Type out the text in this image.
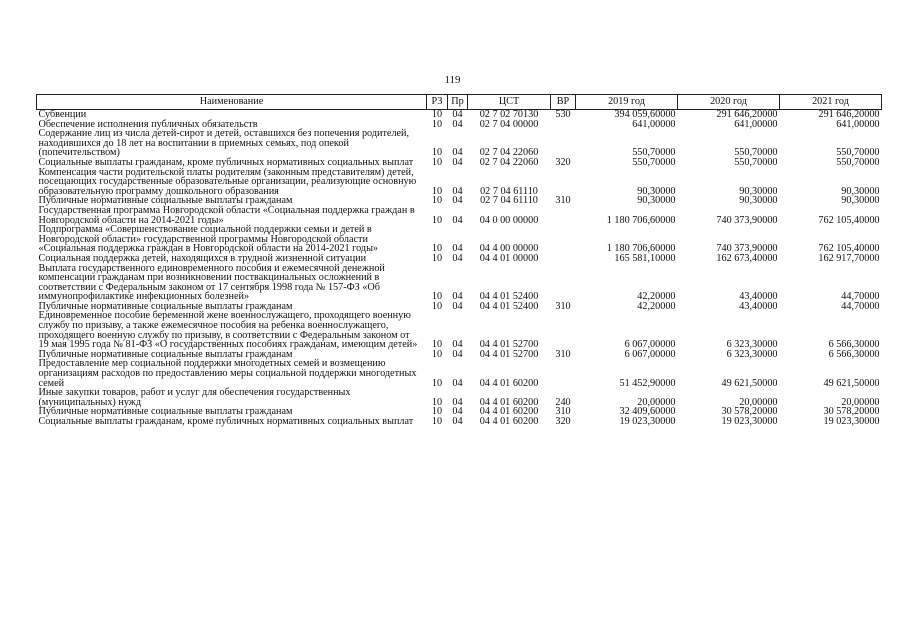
119
Наименование	РЗ	Пр	ЦСТ	ВР	2019 год	2020 год	2021 год
Субвенции	10	04	02 7 02 70130	530	394 059,60000	291 646,20000	291 646,20000
Обеспечение исполнения публичных обязательств	10	04	02 7 04 00000		641,00000	641,00000	641,00000
Содержание лиц из числа детей-сирот и детей, оставшихся без попечения родителей, находившихся до 18 лет на воспитании в приемных семьях, под опекой (попечительством)	10	04	02 7 04 22060		550,70000	550,70000	550,70000
Социальные выплаты гражданам, кроме публичных нормативных социальных выплат	10	04	02 7 04 22060	320	550,70000	550,70000	550,70000
Компенсация части родительской платы родителям (законным представителям) детей, посещающих государственные образовательные организации, реализующие основную образовательную программу дошкольного образования	10	04	02 7 04 61110		90,30000	90,30000	90,30000
Публичные нормативные социальные выплаты гражданам	10	04	02 7 04 61110	310	90,30000	90,30000	90,30000
Государственная программа Новгородской области «Социальная поддержка граждан в Новгородской области на 2014-2021 годы»	10	04	04 0 00 00000		1 180 706,60000	740 373,90000	762 105,40000
Подпрограмма «Совершенствование социальной поддержки семьи и детей в Новгородской области» государственной программы Новгородской области «Социальная поддержка граждан в Новгородской области на 2014-2021 годы»	10	04	04 4 00 00000		1 180 706,60000	740 373,90000	762 105,40000
Социальная поддержка детей, находящихся в трудной жизненной ситуации	10	04	04 4 01 00000		165 581,10000	162 673,40000	162 917,70000
Выплата государственного единовременного пособия и ежемесячной денежной компенсации гражданам при возникновении поствакцинальных осложнений в соответствии с Федеральным законом от 17 сентября 1998 года № 157-ФЗ «Об иммунопрофилактике инфекционных болезней»	10	04	04 4 01 52400		42,20000	43,40000	44,70000
Публичные нормативные социальные выплаты гражданам	10	04	04 4 01 52400	310	42,20000	43,40000	44,70000
Единовременное пособие беременной жене военнослужащего, проходящего военную службу по призыву, а также ежемесячное пособия на ребенка военнослужащего, проходящего военную службу по призыву, в соответствии с Федеральным законом от 19 мая 1995 года № 81-ФЗ «О государственных пособиях гражданам, имеющим детей»	10	04	04 4 01 52700		6 067,00000	6 323,30000	6 566,30000
Публичные нормативные социальные выплаты гражданам	10	04	04 4 01 52700	310	6 067,00000	6 323,30000	6 566,30000
Предоставление мер социальной поддержки многодетных семей и возмещению организациям расходов по предоставлению меры социальной поддержки многодетных семей	10	04	04 4 01 60200		51 452,90000	49 621,50000	49 621,50000
Иные закупки товаров, работ и услуг для обеспечения государственных (муниципальных) нужд	10	04	04 4 01 60200	240	20,00000	20,00000	20,00000
Публичные нормативные социальные выплаты гражданам	10	04	04 4 01 60200	310	32 409,60000	30 578,20000	30 578,20000
Социальные выплаты гражданам, кроме публичных нормативных социальных выплат	10	04	04 4 01 60200	320	19 023,30000	19 023,30000	19 023,30000
